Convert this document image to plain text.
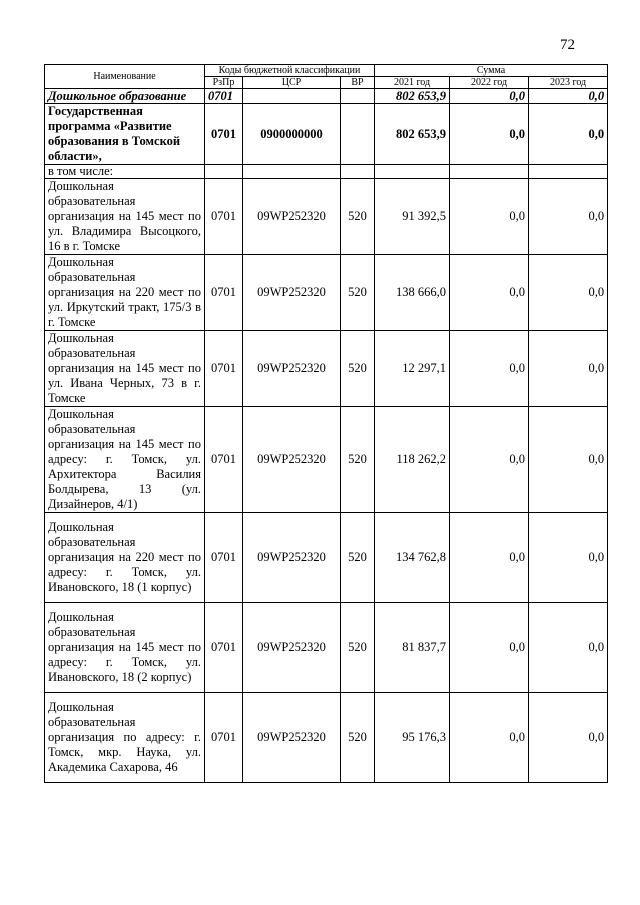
72
Наименование	Коды бюджетной классификации			Сумма		
	РзПр	ЦСР	ВР	2021 год	2022 год	2023 год
Дошкольное образование	0701			802 653,9	0,0	0,0
Государственная программа «Развитие образования в Томской области»,	0701	0900000000		802 653,9	0,0	0,0
в том числе:						
Дошкольная образовательная организация на 145 мест по ул. Владимира Высоцкого, 16 в г. Томске	0701	09WP252320	520	91 392,5	0,0	0,0
Дошкольная образовательная организация на 220 мест по ул. Иркутский тракт, 175/3 в г. Томске	0701	09WP252320	520	138 666,0	0,0	0,0
Дошкольная образовательная организация на 145 мест по ул. Ивана Черных, 73 в г. Томске	0701	09WP252320	520	12 297,1	0,0	0,0
Дошкольная образовательная организация на 145 мест по адресу: г. Томск, ул. Архитектора Василия Болдырева, 13 (ул. Дизайнеров, 4/1)	0701	09WP252320	520	118 262,2	0,0	0,0
Дошкольная образовательная организация на 220 мест по адресу: г. Томск, ул. Ивановского, 18 (1 корпус)	0701	09WP252320	520	134 762,8	0,0	0,0
Дошкольная образовательная организация на 145 мест по адресу: г. Томск, ул. Ивановского, 18 (2 корпус)	0701	09WP252320	520	81 837,7	0,0	0,0
Дошкольная образовательная организация по адресу: г. Томск, мкр. Наука, ул. Академика Сахарова, 46	0701	09WP252320	520	95 176,3	0,0	0,0
